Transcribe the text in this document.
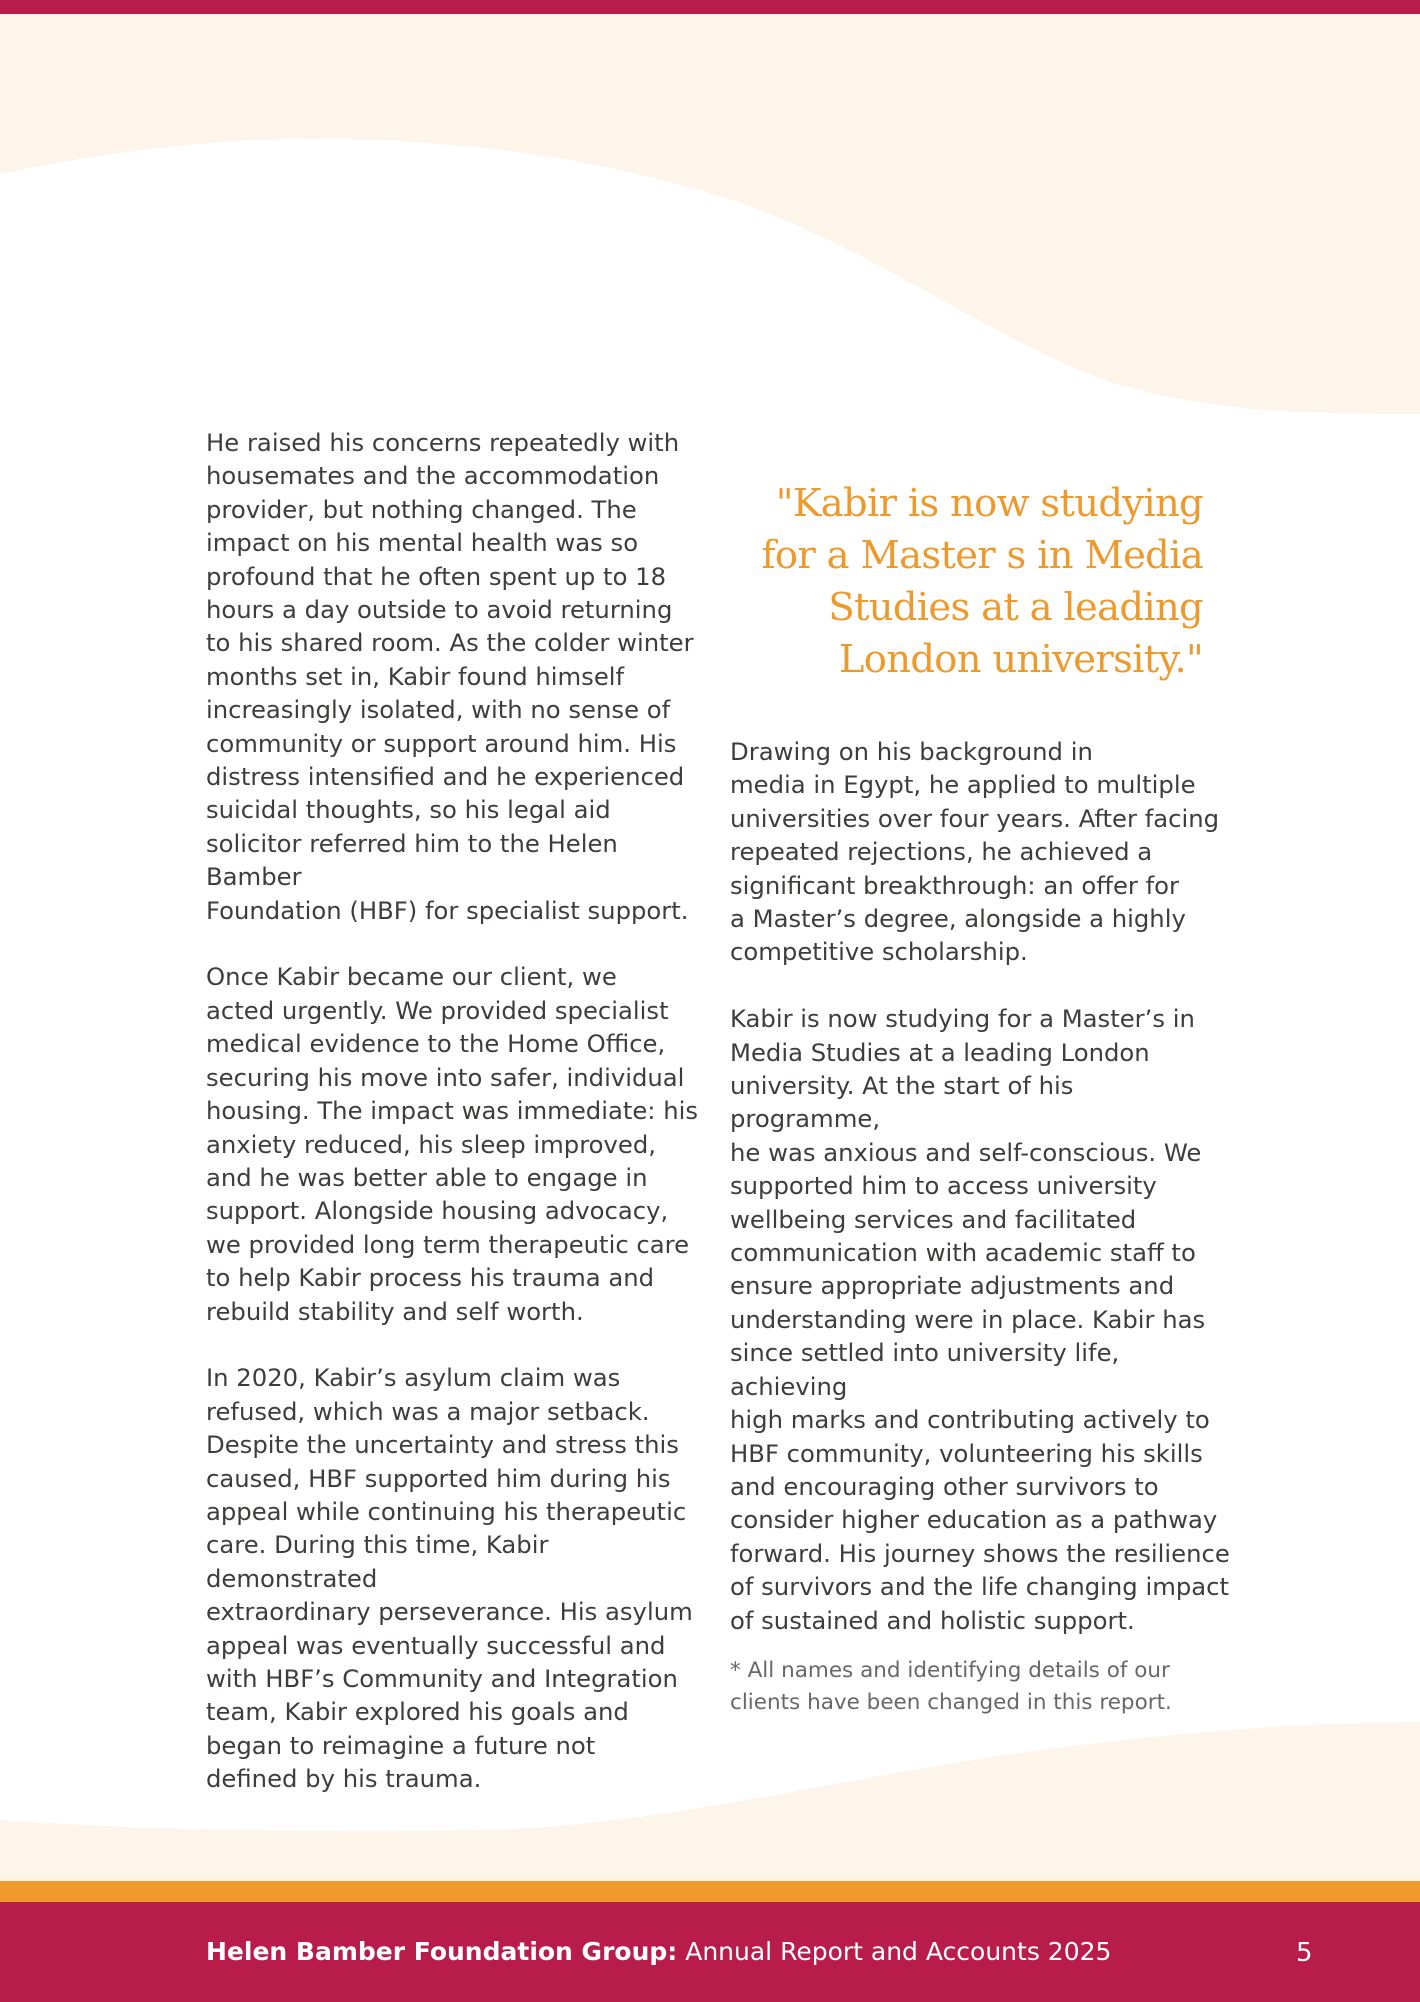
He raised his concerns repeatedly with
housemates and the accommodation
provider, but nothing changed. The
impact on his mental health was so
profound that he often spent up to 18
hours a day outside to avoid returning
to his shared room. As the colder winter
months set in, Kabir found himself
increasingly isolated, with no sense of
community or support around him. His
distress intensified and he experienced
suicidal thoughts, so his legal aid
solicitor referred him to the Helen Bamber
Foundation (HBF) for specialist support.

Once Kabir became our client, we
acted urgently. We provided specialist
medical evidence to the Home Office,
securing his move into safer, individual
housing. The impact was immediate: his
anxiety reduced, his sleep improved,
and he was better able to engage in
support. Alongside housing advocacy,
we provided long term therapeutic care
to help Kabir process his trauma and
rebuild stability and self worth.

In 2020, Kabir’s asylum claim was
refused, which was a major setback.
Despite the uncertainty and stress this
caused, HBF supported him during his
appeal while continuing his therapeutic
care. During this time, Kabir demonstrated
extraordinary perseverance. His asylum
appeal was eventually successful and
with HBF’s Community and Integration
team, Kabir explored his goals and
began to reimagine a future not
defined by his trauma.

"Kabir is now studying
for a Master s in Media
Studies at a leading
London university."

Drawing on his background in
media in Egypt, he applied to multiple
universities over four years. After facing
repeated rejections, he achieved a
significant breakthrough: an offer for
a Master’s degree, alongside a highly
competitive scholarship.

Kabir is now studying for a Master’s in
Media Studies at a leading London
university. At the start of his programme,
he was anxious and self-conscious. We
supported him to access university
wellbeing services and facilitated
communication with academic staff to
ensure appropriate adjustments and
understanding were in place. Kabir has
since settled into university life, achieving
high marks and contributing actively to
HBF community, volunteering his skills
and encouraging other survivors to
consider higher education as a pathway
forward. His journey shows the resilience
of survivors and the life changing impact
of sustained and holistic support.

* All names and identifying details of our
clients have been changed in this report.
Helen Bamber Foundation Group: Annual Report and Accounts 2025	5
